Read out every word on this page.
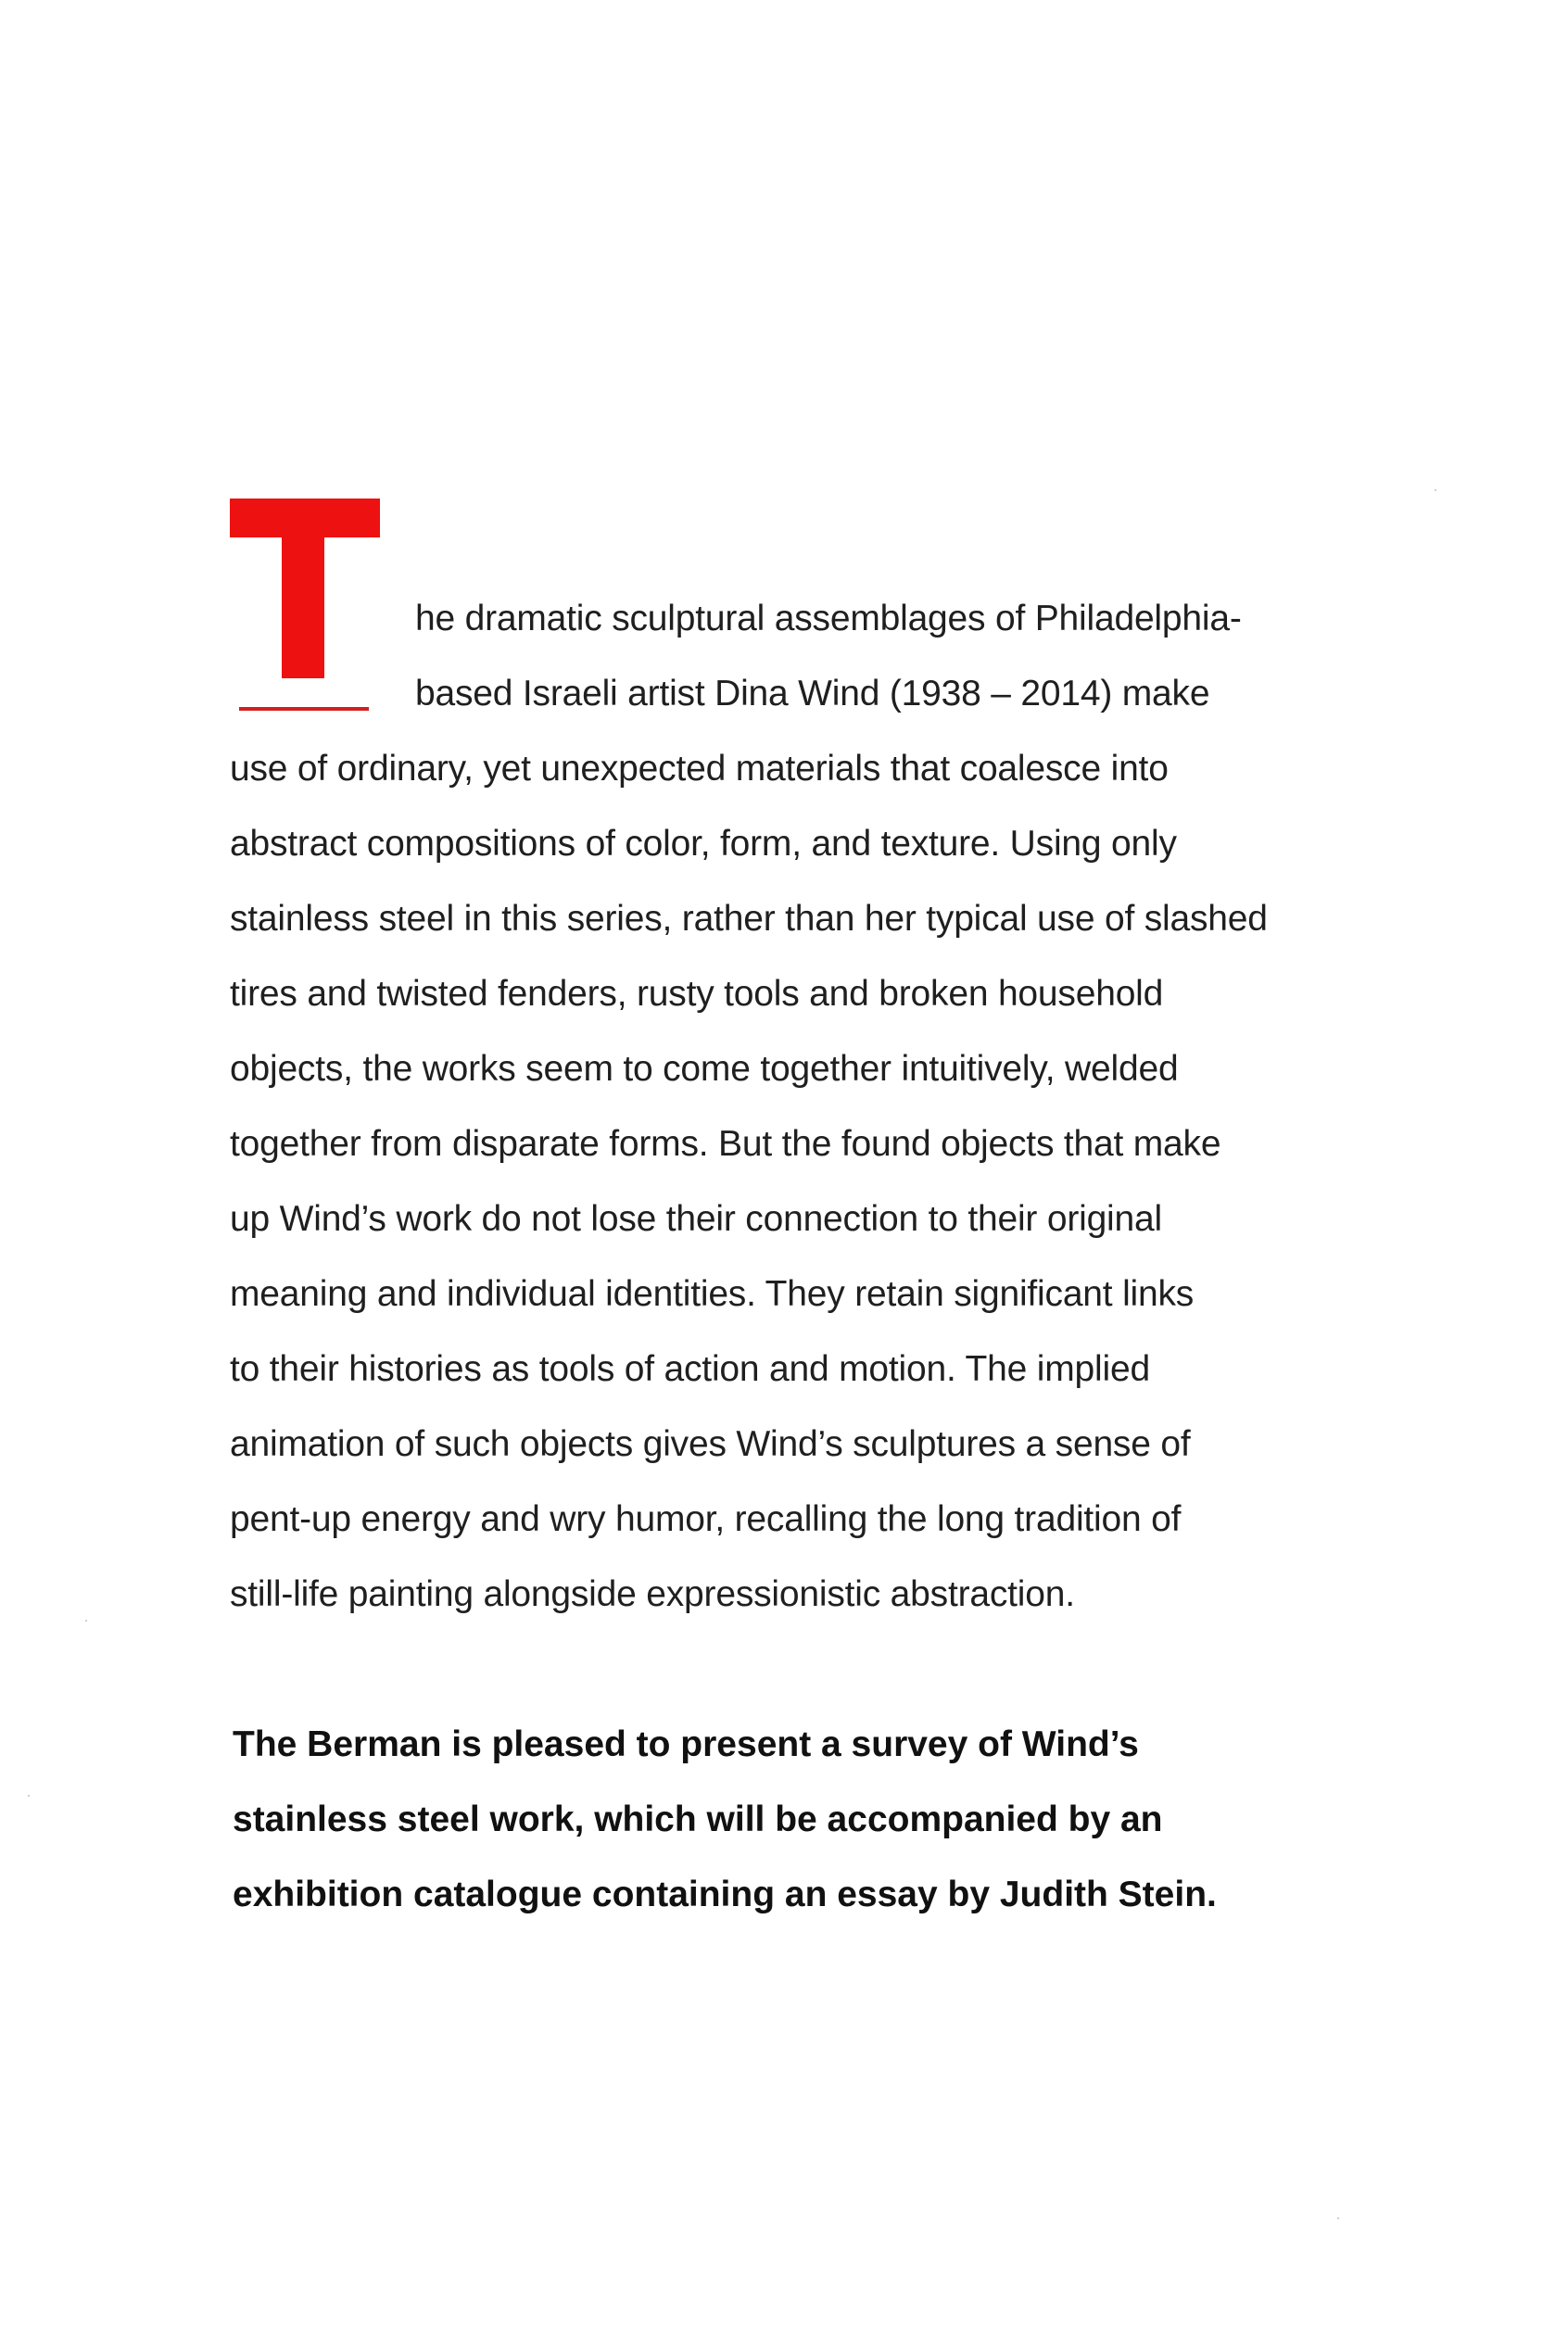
he dramatic sculptural assemblages of Philadelphia-
based Israeli artist Dina Wind (1938 – 2014) make
use of ordinary, yet unexpected materials that coalesce into
abstract compositions of color, form, and texture. Using only
stainless steel in this series, rather than her typical use of slashed
tires and twisted fenders, rusty tools and broken household
objects, the works seem to come together intuitively, welded
together from disparate forms. But the found objects that make
up Wind’s work do not lose their connection to their original
meaning and individual identities. They retain significant links
to their histories as tools of action and motion. The implied
animation of such objects gives Wind’s sculptures a sense of
pent-up energy and wry humor, recalling the long tradition of
still-life painting alongside expressionistic abstraction.
The Berman is pleased to present a survey of Wind’s
stainless steel work, which will be accompanied by an
exhibition catalogue containing an essay by Judith Stein.
